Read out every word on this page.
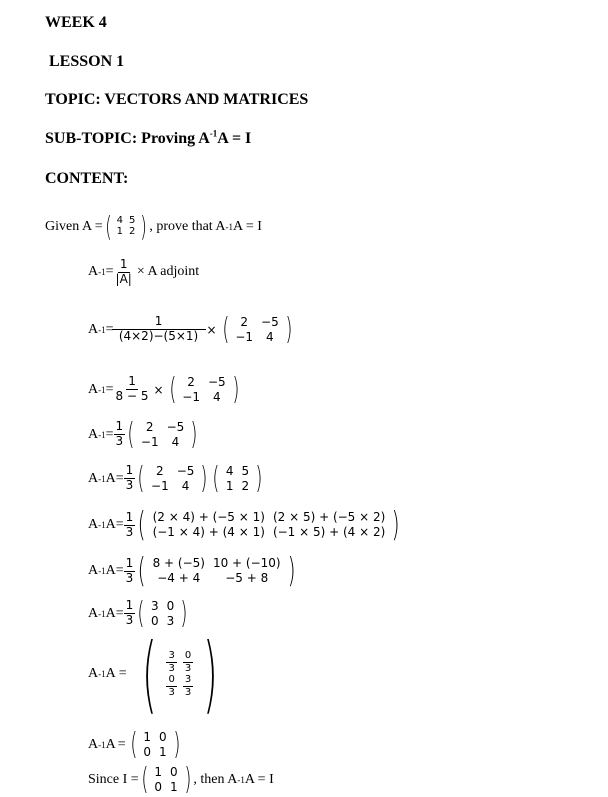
WEEK 4
LESSON 1
TOPIC: VECTORS AND MATRICES
SUB-TOPIC: Proving $A^{-1}A = I$
CONTENT:
Given A = ( 4	5
1	2 ) , prove that A -1 A = I
A $-1 = \frac{1}{|A|} \times A$ adjoint
A $-1 = \frac{1}{(4\times 2)-(5\times 1)}$ × ( 2	−5
−1	4 )
A $-1 = \frac{1}{8 - 5}$ × ( 2	−5
−1	4 )
A $-1 = \frac{1}{3}$ ( 2	−5
−1	4 )
A -1 $A = \frac{1}{3}$ ( 2	−5
−1	4 ) ( 4	5
1	2 )
A -1 $A = \frac{1}{3}$ ( (2 × 4) + (−5 × 1)	(2 × 5) + (−5 × 2)
(−1 × 4) + (4 × 1)	(−1 × 5) + (4 × 2) )
A -1 $A = \frac{1}{3}$ ( 8 + (−5)	10 + (−10)
−4 + 4	−5 + 8 )
A -1 $A = \frac{1}{3}$ ( 3	0
0	3 )
A -1 A = ( $\frac{3}{3}$	$\frac{0}{3}$

$\frac{0}{3}$	$\frac{3}{3}$ )
A -1 A = ( 1	0
0	1 )
Since I = ( 1	0
0	1 ) , then A -1 A = I
